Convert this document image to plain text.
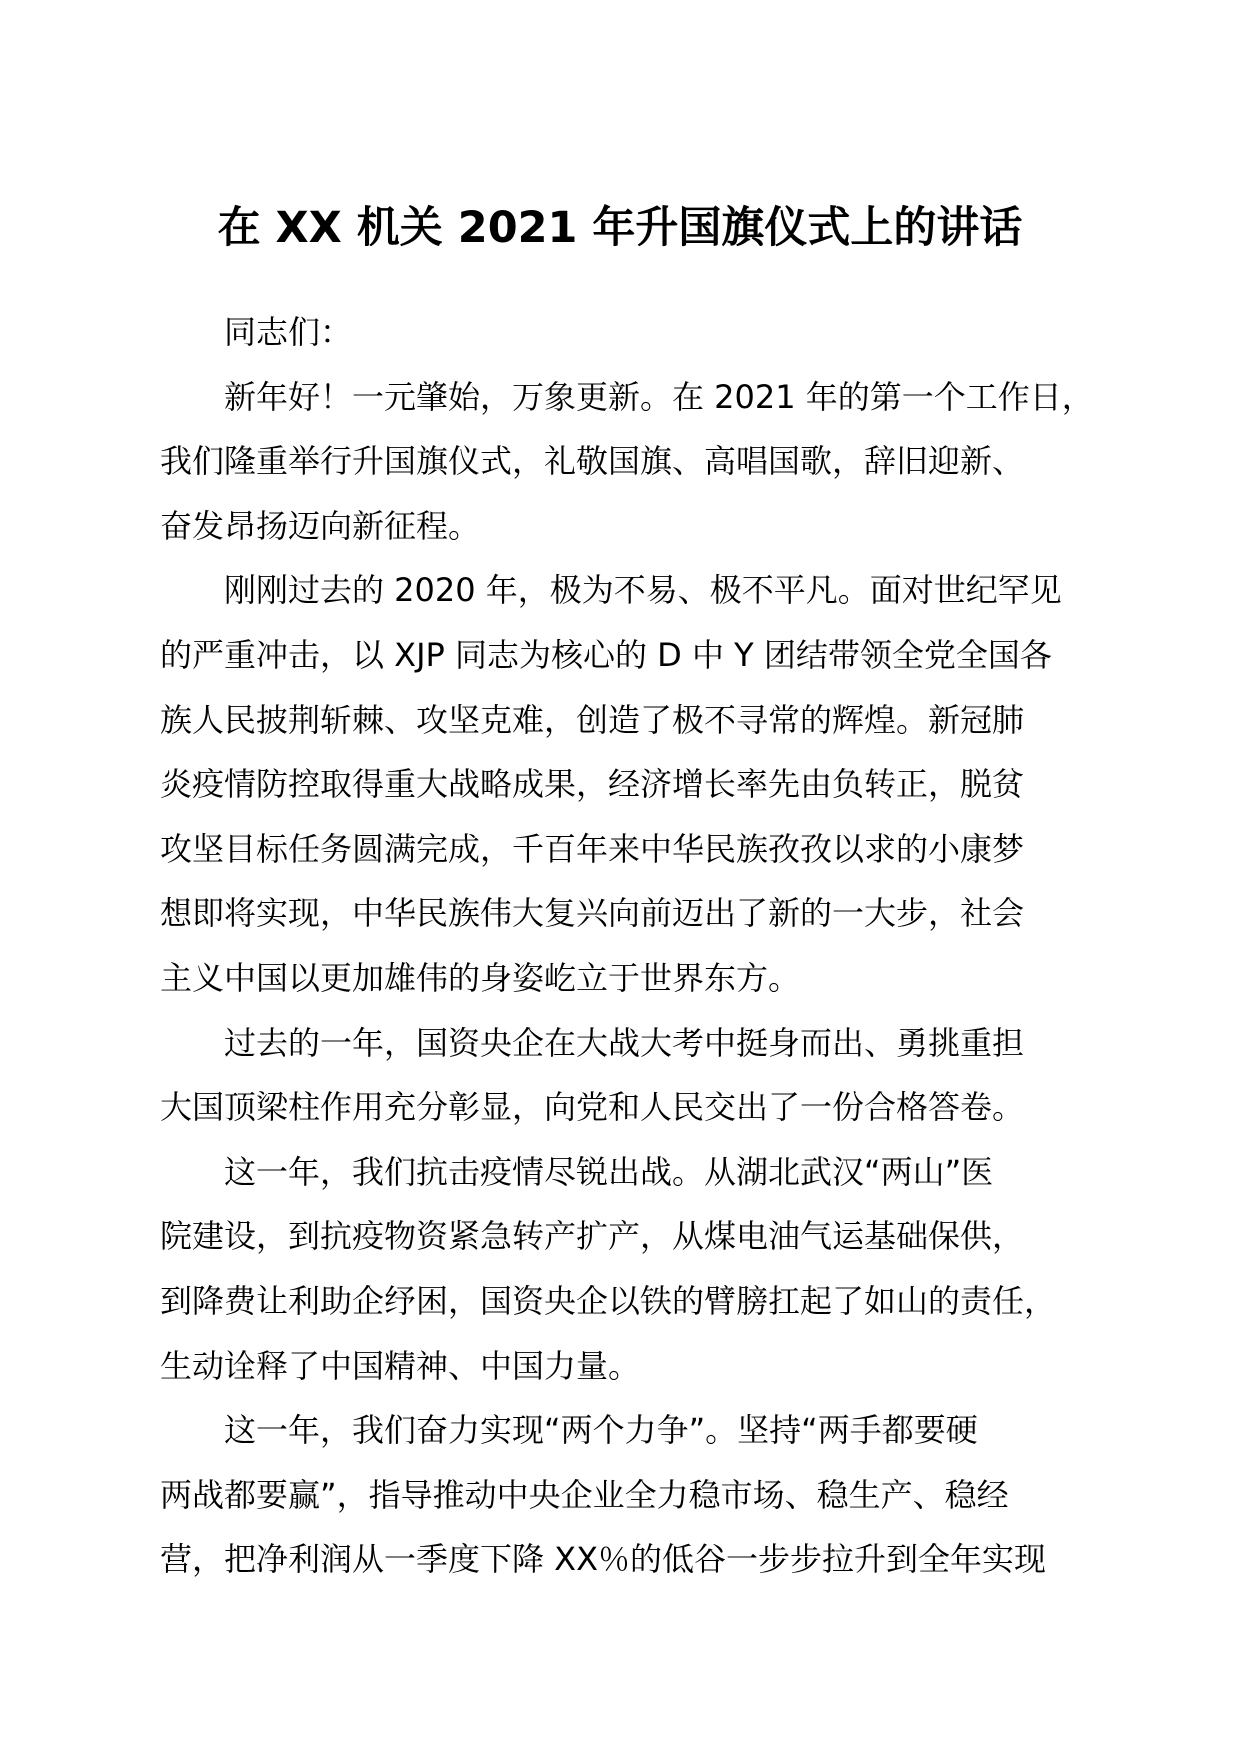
在 XX 机关 2021 年升国旗仪式上的讲话
同志们：
新年好！一元肇始，万象更新。在 2021 年的第一个工作日，
我们隆重举行升国旗仪式，礼敬国旗、高唱国歌，辞旧迎新、
奋发昂扬迈向新征程。
刚刚过去的 2020 年，极为不易、极不平凡。面对世纪罕见
的严重冲击，以 XJP 同志为核心的 D 中 Y 团结带领全党全国各
族人民披荆斩棘、攻坚克难，创造了极不寻常的辉煌。新冠肺
炎疫情防控取得重大战略成果，经济增长率先由负转正，脱贫
攻坚目标任务圆满完成，千百年来中华民族孜孜以求的小康梦
想即将实现，中华民族伟大复兴向前迈出了新的一大步，社会
主义中国以更加雄伟的身姿屹立于世界东方。
过去的一年，国资央企在大战大考中挺身而出、勇挑重担
大国顶梁柱作用充分彰显，向党和人民交出了一份合格答卷。
这一年，我们抗击疫情尽锐出战。从湖北武汉“两山”医
院建设，到抗疫物资紧急转产扩产，从煤电油气运基础保供，
到降费让利助企纾困，国资央企以铁的臂膀扛起了如山的责任，
生动诠释了中国精神、中国力量。
这一年，我们奋力实现“两个力争”。坚持“两手都要硬
两战都要赢”，指导推动中央企业全力稳市场、稳生产、稳经
营，把净利润从一季度下降 XX％的低谷一步步拉升到全年实现
